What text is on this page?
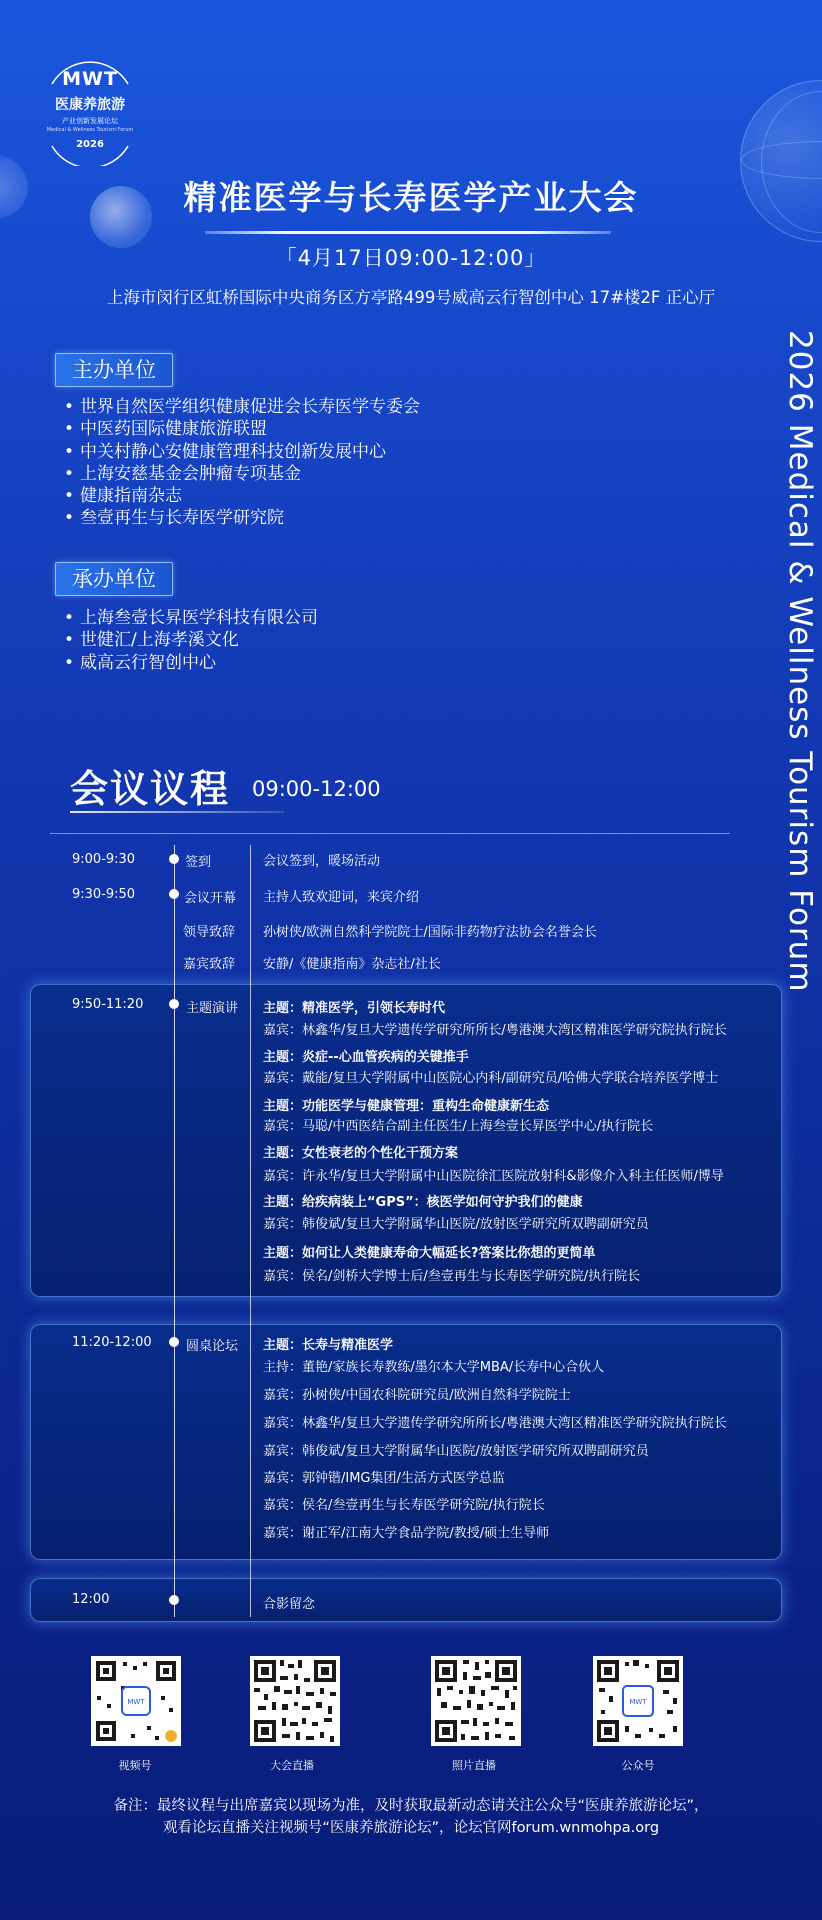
MWT
医康养旅游
产业创新发展论坛
Medical & Wellness Tourism Forum
2026
精准医学与长寿医学产业大会
「4月17日09:00-12:00」
上海市闵行区虹桥国际中央商务区方亭路499号威高云行智创中心 17#楼2F 正心厅
2026 Medical & Wellness Tourism Forum
主办单位
• 世界自然医学组织健康促进会长寿医学专委会
• 中医药国际健康旅游联盟
• 中关村静心安健康管理科技创新发展中心
• 上海安慈基金会肿瘤专项基金
• 健康指南杂志
• 叁壹再生与长寿医学研究院
承办单位
• 上海叁壹长昇医学科技有限公司
• 世健汇/上海孝溪文化
• 威高云行智创中心
会议议程 09:00-12:00
9:00-9:30	签到	会议签到，暖场活动
9:30-9:50	会议开幕 主持人致欢迎词，来宾介绍
领导致辞 孙树侠/欧洲自然科学院院士/国际非药物疗法协会名誉会长
嘉宾致辞 安静/《健康指南》杂志社/社长
9:50-11:20	主题演讲 主题：精准医学，引领长寿时代
嘉宾：林鑫华/复旦大学遗传学研究所所长/粤港澳大湾区精准医学研究院执行院长
主题：炎症--心血管疾病的关键推手
嘉宾：戴能/复旦大学附属中山医院心内科/副研究员/哈佛大学联合培养医学博士
主题：功能医学与健康管理：重构生命健康新生态
嘉宾：马聪/中西医结合副主任医生/上海叁壹长昇医学中心/执行院长
主题：女性衰老的个性化干预方案
嘉宾：许永华/复旦大学附属中山医院徐汇医院放射科&影像介入科主任医师/博导
主题：给疾病装上“GPS”：核医学如何守护我们的健康
嘉宾：韩俊斌/复旦大学附属华山医院/放射医学研究所双聘副研究员
主题：如何让人类健康寿命大幅延长?答案比你想的更简单
嘉宾：侯名/剑桥大学博士后/叁壹再生与长寿医学研究院/执行院长
11:20-12:00	圆桌论坛 主题：长寿与精准医学
主持：董艳/家族长寿教练/墨尔本大学MBA/长寿中心合伙人
嘉宾：孙树侠/中国农科院研究员/欧洲自然科学院院士
嘉宾：林鑫华/复旦大学遗传学研究所所长/粤港澳大湾区精准医学研究院执行院长
嘉宾：韩俊斌/复旦大学附属华山医院/放射医学研究所双聘副研究员
嘉宾：郭钟锴/IMG集团/生活方式医学总监
嘉宾：侯名/叁壹再生与长寿医学研究院/执行院长
嘉宾：谢正军/江南大学食品学院/教授/硕士生导师
12:00	合影留念
MWT
视频号	大会直播	照片直播
MWT
公众号
备注：最终议程与出席嘉宾以现场为准，及时获取最新动态请关注公众号“医康养旅游论坛”，
观看论坛直播关注视频号“医康养旅游论坛”，论坛官网forum.wnmohpa.org
